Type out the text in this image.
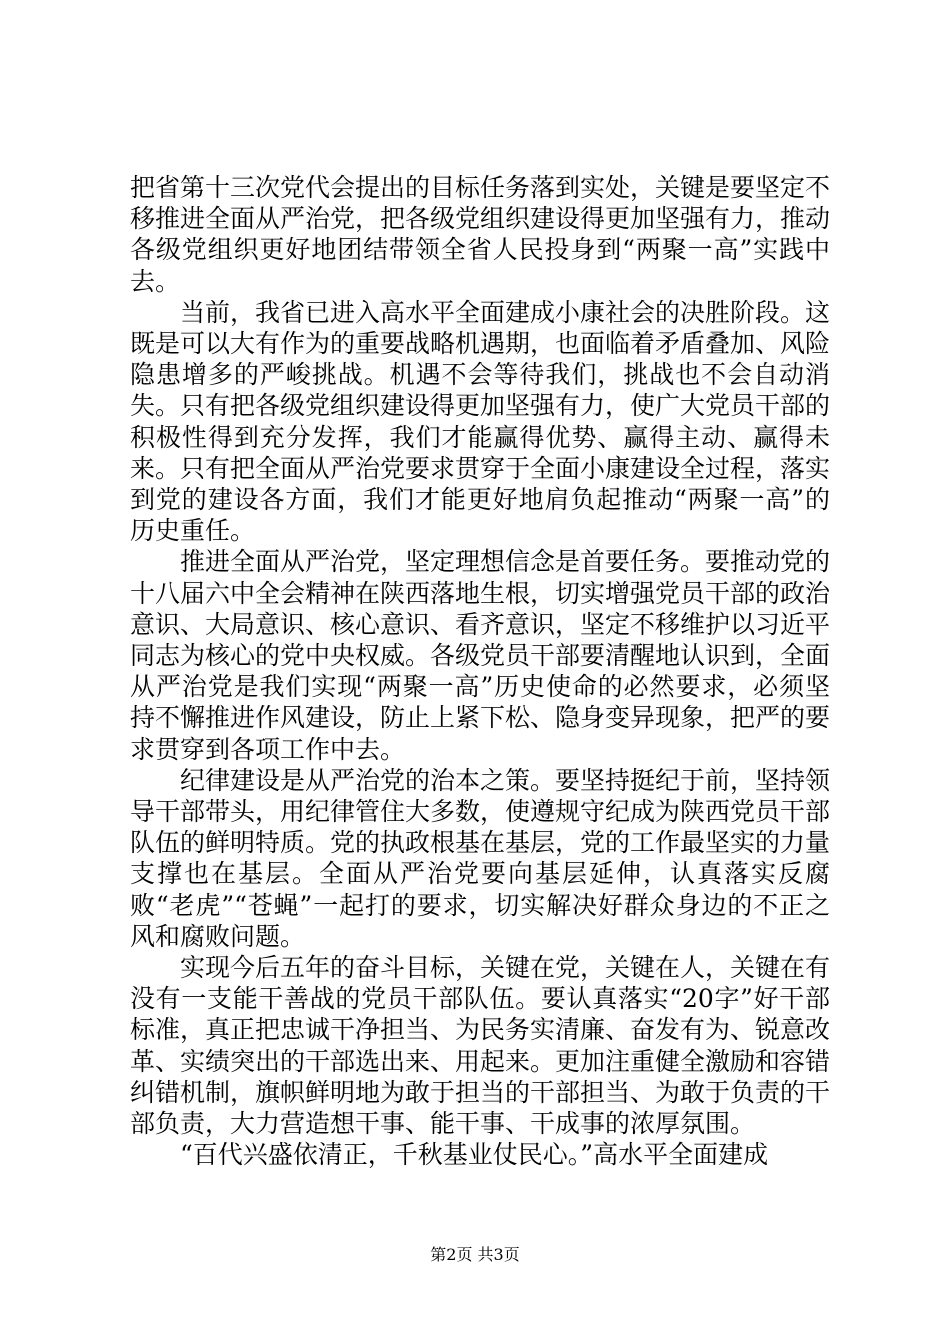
把省第十三次党代会提出的目标任务落到实处，关键是要坚定不移推进全面从严治党，把各级党组织建设得更加坚强有力，推动各级党组织更好地团结带领全省人民投身到“两聚一高”实践中去。

当前，我省已进入高水平全面建成小康社会的决胜阶段。这既是可以大有作为的重要战略机遇期，也面临着矛盾叠加、风险隐患增多的严峻挑战。机遇不会等待我们，挑战也不会自动消失。只有把各级党组织建设得更加坚强有力，使广大党员干部的积极性得到充分发挥，我们才能赢得优势、赢得主动、赢得未来。只有把全面从严治党要求贯穿于全面小康建设全过程，落实到党的建设各方面，我们才能更好地肩负起推动“两聚一高”的历史重任。

推进全面从严治党，坚定理想信念是首要任务。要推动党的十八届六中全会精神在陕西落地生根，切实增强党员干部的政治意识、大局意识、核心意识、看齐意识，坚定不移维护以习近平同志为核心的党中央权威。各级党员干部要清醒地认识到，全面从严治党是我们实现“两聚一高”历史使命的必然要求，必须坚持不懈推进作风建设，防止上紧下松、隐身变异现象，把严的要求贯穿到各项工作中去。

纪律建设是从严治党的治本之策。要坚持挺纪于前，坚持领导干部带头，用纪律管住大多数，使遵规守纪成为陕西党员干部队伍的鲜明特质。党的执政根基在基层，党的工作最坚实的力量支撑也在基层。全面从严治党要向基层延伸，认真落实反腐败“老虎”“苍蝇”一起打的要求，切实解决好群众身边的不正之风和腐败问题。

实现今后五年的奋斗目标，关键在党，关键在人，关键在有没有一支能干善战的党员干部队伍。要认真落实“20字”好干部标准，真正把忠诚干净担当、为民务实清廉、奋发有为、锐意改革、实绩突出的干部选出来、用起来。更加注重健全激励和容错纠错机制，旗帜鲜明地为敢于担当的干部担当、为敢于负责的干部负责，大力营造想干事、能干事、干成事的浓厚氛围。

“百代兴盛依清正，千秋基业仗民心。”高水平全面建成

第2页 共3页
